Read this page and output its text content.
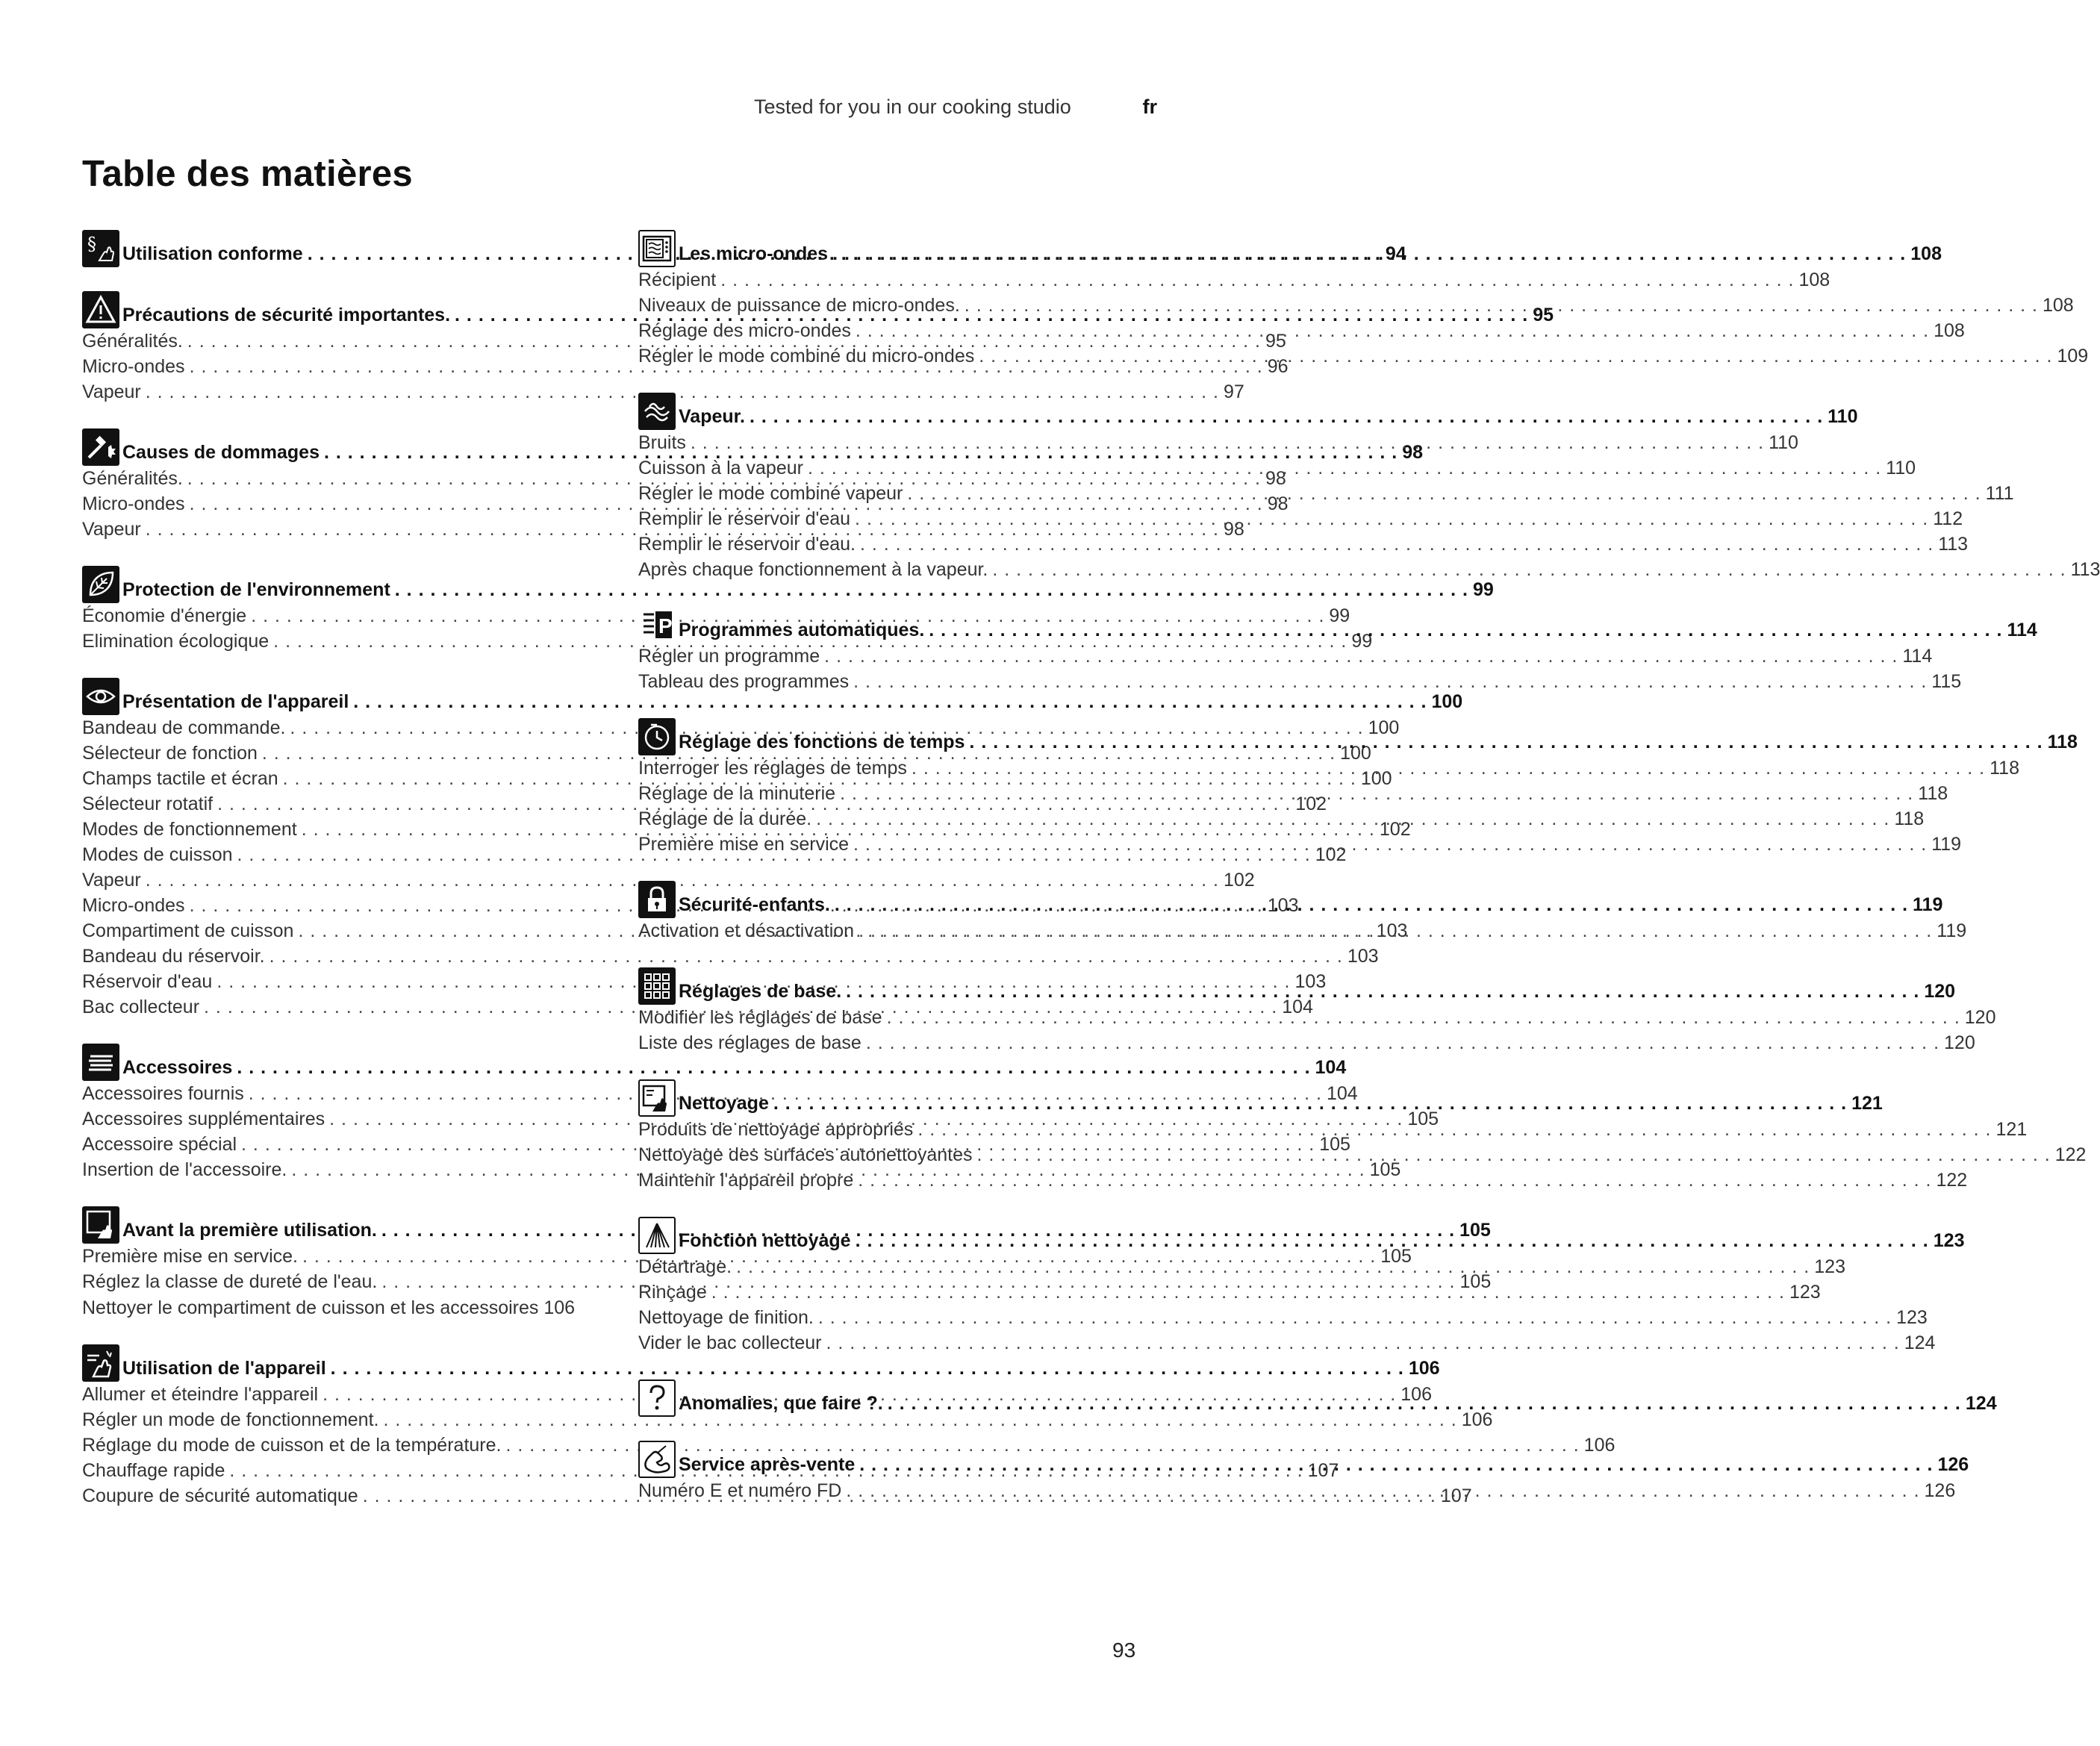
Tested for you in our cooking studio	fr
Table des matières
§ Utilisation conforme . . .	94
Précautions de sécurité importantes. . . .	95
Généralités. . . .	95
Micro-ondes . . .	96
Vapeur . . .	97
Causes de dommages . . .	98
Généralités. . . .	98
Micro-ondes . . .	98
Vapeur . . .	98
Protection de l'environnement . . .	99
Économie d'énergie . . .	99
Elimination écologique . . .	99
Présentation de l'appareil . . .	100
Bandeau de commande. . . .	100
Sélecteur de fonction . . .	100
Champs tactile et écran . . .	100
Sélecteur rotatif . . .	102
Modes de fonctionnement . . .	102
Modes de cuisson . . .	102
Vapeur . . .	102
Micro-ondes . . .	103
Compartiment de cuisson . . .	103
Bandeau du réservoir. . . .	103
Réservoir d'eau . . .	103
Bac collecteur . . .	104
Accessoires . . .	104
Accessoires fournis . . .	104
Accessoires supplémentaires . . .	105
Accessoire spécial . . .	105
Insertion de l'accessoire. . . .	105
Avant la première utilisation. . . .	105
Première mise en service. . . .	105
Réglez la classe de dureté de l'eau. . . .	105
Nettoyer le compartiment de cuisson et les accessoires 106
Utilisation de l'appareil . . .	106
Allumer et éteindre l'appareil . . .	106
Régler un mode de fonctionnement. . . .	106
Réglage du mode de cuisson et de la température. . . .	106
Chauffage rapide . . .	107
Coupure de sécurité automatique . . .	107
Les micro-ondes . . .	108
Récipient . . .	108
Niveaux de puissance de micro-ondes. . . .	108
Réglage des micro-ondes . . .	108
Régler le mode combiné du micro-ondes . . .	109
Vapeur. . . .	110
Bruits . . .	110
Cuisson à la vapeur . . .	110
Régler le mode combiné vapeur . . .	111
Remplir le réservoir d'eau . . .	112
Remplir le réservoir d'eau. . . .	113
Après chaque fonctionnement à la vapeur. . . .	113
P Programmes automatiques. . . .	114
Régler un programme . . .	114
Tableau des programmes . . .	115
Réglage des fonctions de temps . . .	118
Interroger les réglages de temps . . .	118
Réglage de la minuterie . . .	118
Réglage de la durée. . . .	118
Première mise en service . . .	119
Sécurité-enfants. . . .	119
Activation et désactivation . . .	119
Réglages de base. . . .	120
Modifier les réglages de base . . .	120
Liste des réglages de base . . .	120
Nettoyage . . .	121
Produits de nettoyage appropriés . . .	121
Nettoyage des surfaces autonettoyantes . . .	122
Maintenir l'appareil propre . . .	122
Fonction nettoyage . . .	123
Détartrage. . . .	123
Rinçage . . .	123
Nettoyage de finition. . . .	123
Vider le bac collecteur . . .	124
Anomalies, que faire ?. . . .	124
Service après-vente . . .	126
Numéro E et numéro FD . . .	126
93
